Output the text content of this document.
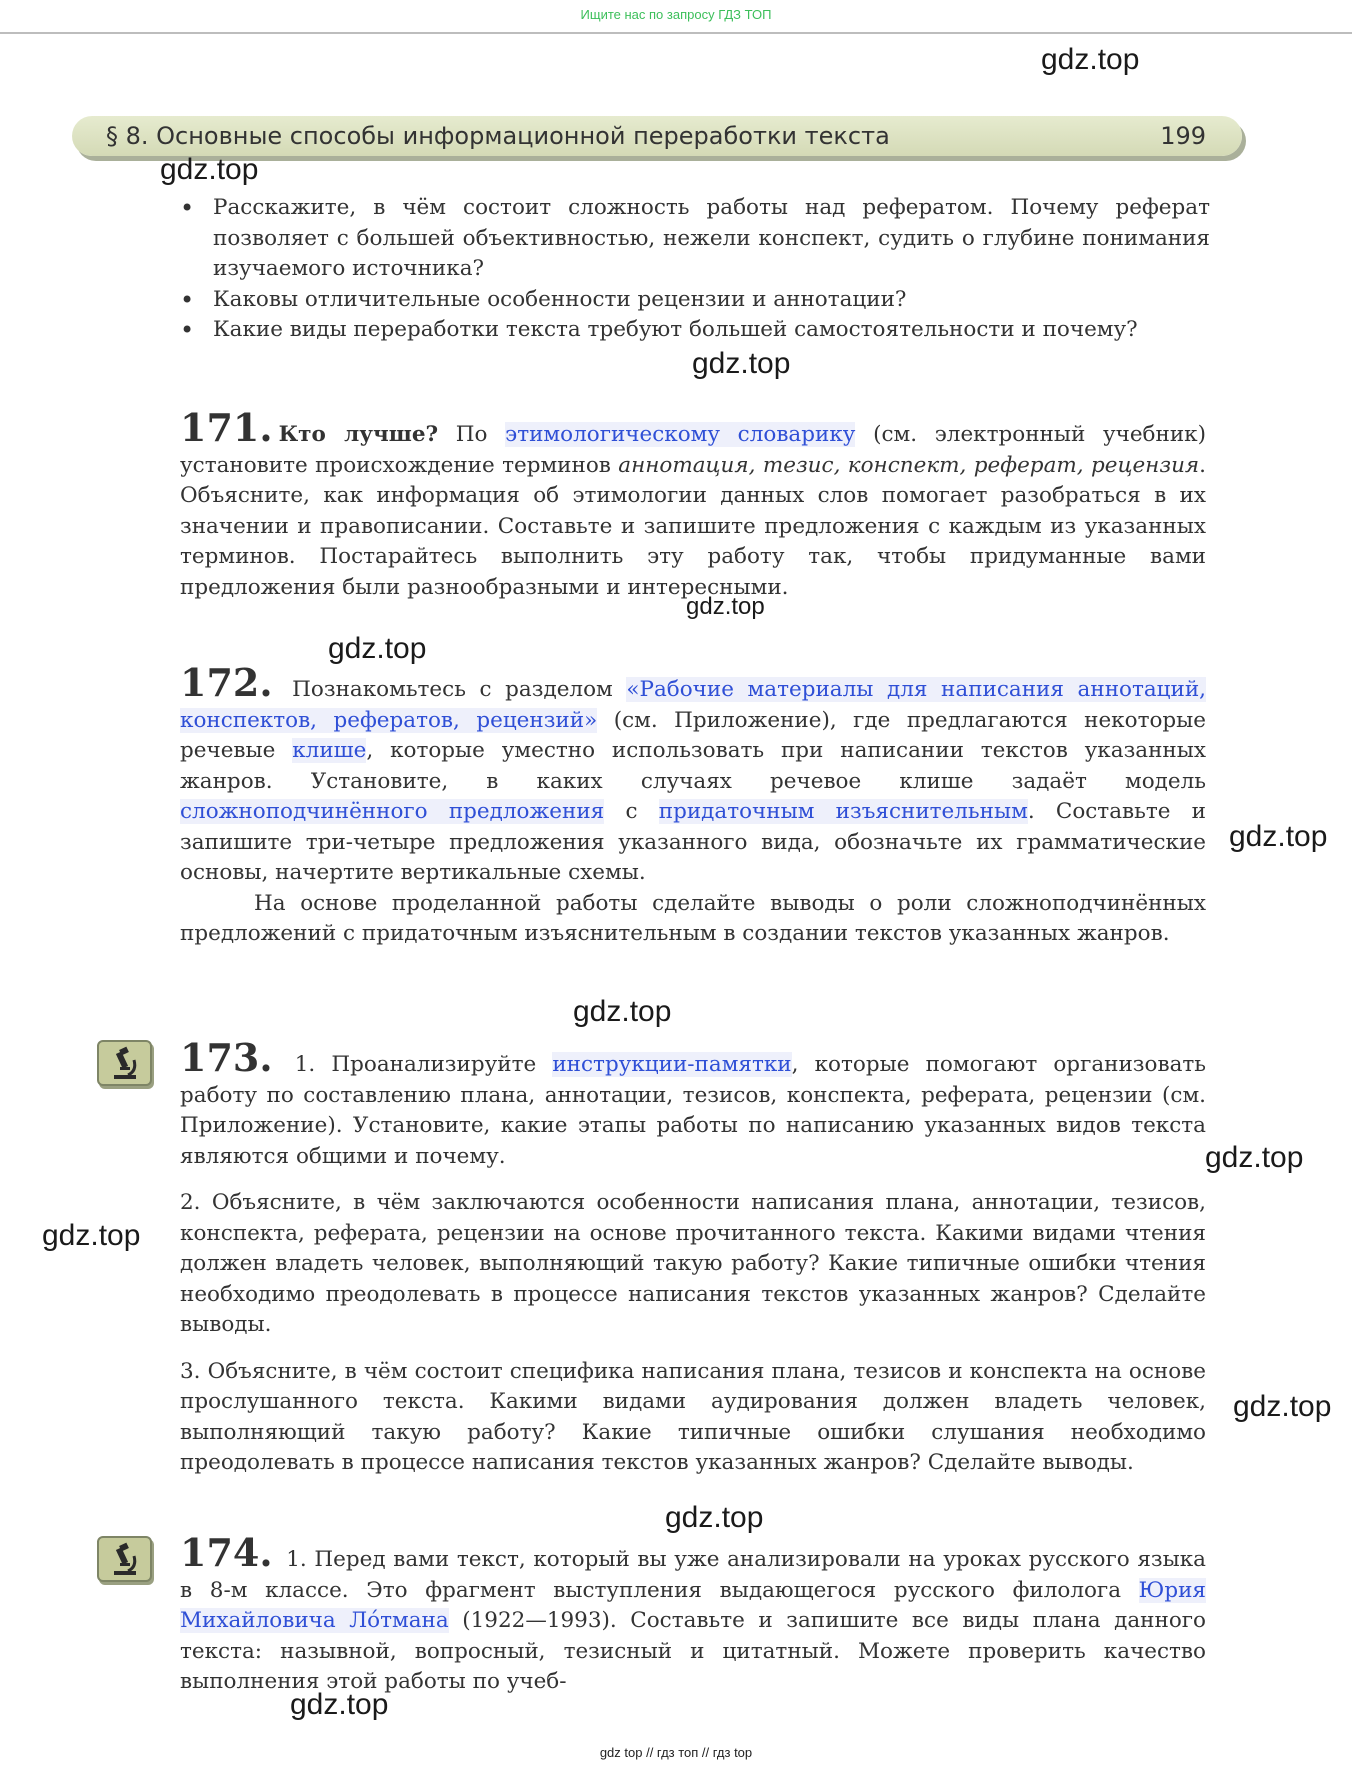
Ищите нас по запросу ГДЗ ТОП
gdz.top
§ 8. Основные способы информационной переработки текста	199
gdz.top
• Расскажите, в чём состоит сложность работы над рефератом. Почему реферат позволяет с большей объективностью, нежели конспект, судить о глубине понимания изучаемого источника?
• Каковы отличительные особенности рецензии и аннотации?
• Какие виды переработки текста требуют большей самостоятельности и почему?
gdz.top

171. Кто лучше? По этимологическому словарику (см. электронный учебник) установите происхождение терминов аннотация, тезис, конспект, реферат, рецензия. Объясните, как информация об этимологии данных слов помогает разобраться в их значении и правописании. Составьте и запишите предложения с каждым из указанных терминов. Постарайтесь выполнить эту работу так, чтобы придуманные вами предложения были разнообразными и интересными.

gdz.top
gdz.top

172. Познакомьтесь с разделом «Рабочие материалы для написания аннотаций, конспектов, рефератов, рецензий» (см. Приложение), где предлагаются некоторые речевые клише, которые уместно использовать при написании текстов указанных жанров. Установите, в каких случаях речевое клише задаёт модель сложноподчинённого предложения с придаточным изъяснительным. Составьте и запишите три-четыре предложения указанного вида, обозначьте их грамматические основы, начертите вертикальные схемы.

На основе проделанной работы сделайте выводы о роли сложноподчинённых предложений с придаточным изъяснительным в создании текстов указанных жанров.

gdz.top
gdz.top

173. 1. Проанализируйте инструкции-памятки, которые помогают организовать работу по составлению плана, аннотации, тезисов, конспекта, реферата, рецензии (см. Приложение). Установите, какие этапы работы по написанию указанных видов текста являются общими и почему.

2. Объясните, в чём заключаются особенности написания плана, аннотации, тезисов, конспекта, реферата, рецензии на основе прочитанного текста. Какими видами чтения должен владеть человек, выполняющий такую работу? Какие типичные ошибки чтения необходимо преодолевать в процессе написания текстов указанных жанров? Сделайте выводы.

3. Объясните, в чём состоит специфика написания плана, тезисов и конспекта на основе прослушанного текста. Какими видами аудирования должен владеть человек, выполняющий такую работу? Какие типичные ошибки слушания необходимо преодолевать в процессе написания текстов указанных жанров? Сделайте выводы.

gdz.top
gdz.top
gdz.top
gdz.top

174. 1. Перед вами текст, который вы уже анализировали на уроках русского языка в 8-м классе. Это фрагмент выступления выдающегося русского филолога Юрия Михайловича Ло́тмана (1922—1993). Составьте и запишите все виды плана данного текста: назывной, вопросный, тезисный и цитатный. Можете проверить качество выполнения этой работы по учеб-

gdz.top
gdz top // гдз топ // гдз top
